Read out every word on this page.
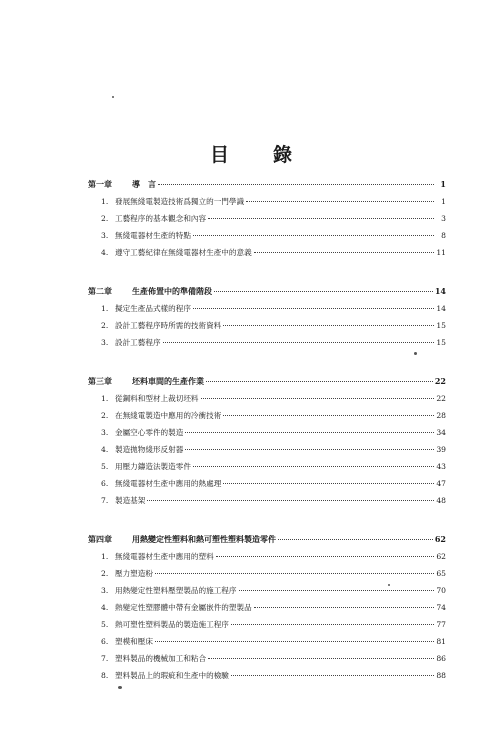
目　　錄
第一章	導　言	1
1. 發展無綫電製造技術爲獨立的一門學識	1
2. 工藝程序的基本觀念和內容	3
3. 無綫電器材生產的特點	8
4. 遵守工藝紀律在無綫電器材生產中的意義	11
第二章	生產佈置中的準備階段	14
1. 擬定生產品式樣的程序	14
2. 設計工藝程序時所需的技術資料	15
3. 設計工藝程序	15
第三章	坯料車間的生產作業	22
1. 從鋼料和型材上裁切坯料	22
2. 在無綫電製造中應用的冷衝技術	28
3. 金屬空心零件的製造	34
4. 製造拋物綫形反射器	39
5. 用壓力鑄造法製造零件	43
6. 無綫電器材生產中應用的熱處理	47
7. 製造基架	48
第四章	用熱變定性塑料和熱可塑性塑料製造零件	62
1. 無綫電器材生產中應用的塑料	62
2. 壓力塑造粉	65
3. 用熱變定性塑料壓塑製品的施工程序	70
4. 熱變定性塑膠體中帶有金屬嵌件的塑製品	74
5. 熱可塑性塑料製品的製造施工程序	77
6. 塑模和壓床	81
7. 塑料製品的機械加工和粘合	86
8. 塑料製品上的瑕疵和生產中的檢驗	88
